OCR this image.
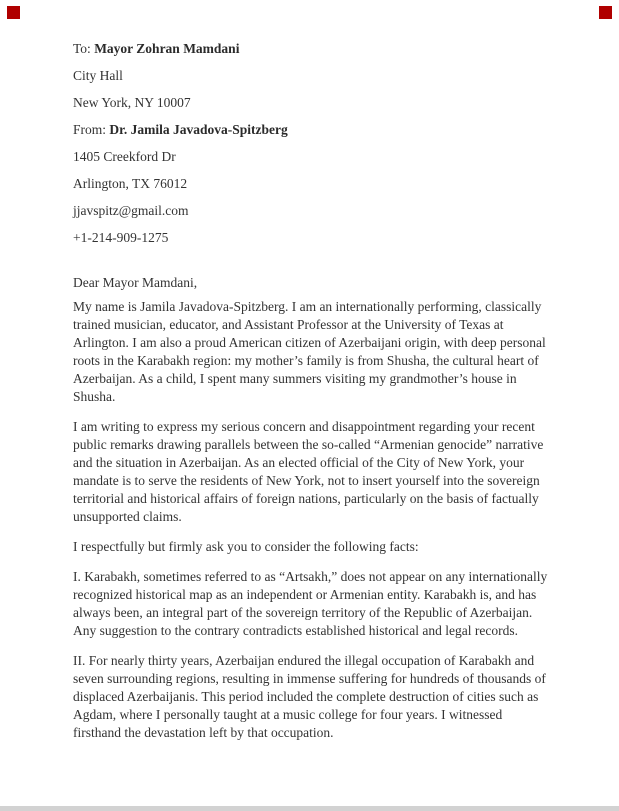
To: Mayor Zohran Mamdani

City Hall

New York, NY 10007

From: Dr. Jamila Javadova-Spitzberg

1405 Creekford Dr

Arlington, TX 76012

jjavspitz@gmail.com

+1-214-909-1275

Dear Mayor Mamdani,

My name is Jamila Javadova-Spitzberg. I am an internationally performing, classically trained musician, educator, and Assistant Professor at the University of Texas at Arlington. I am also a proud American citizen of Azerbaijani origin, with deep personal roots in the Karabakh region: my mother’s family is from Shusha, the cultural heart of Azerbaijan. As a child, I spent many summers visiting my grandmother’s house in Shusha.

I am writing to express my serious concern and disappointment regarding your recent public remarks drawing parallels between the so-called “Armenian genocide” narrative and the situation in Azerbaijan. As an elected official of the City of New York, your mandate is to serve the residents of New York, not to insert yourself into the sovereign territorial and historical affairs of foreign nations, particularly on the basis of factually unsupported claims.

I respectfully but firmly ask you to consider the following facts:

I. Karabakh, sometimes referred to as “Artsakh,” does not appear on any internationally recognized historical map as an independent or Armenian entity. Karabakh is, and has always been, an integral part of the sovereign territory of the Republic of Azerbaijan. Any suggestion to the contrary contradicts established historical and legal records.

II. For nearly thirty years, Azerbaijan endured the illegal occupation of Karabakh and seven surrounding regions, resulting in immense suffering for hundreds of thousands of displaced Azerbaijanis. This period included the complete destruction of cities such as Agdam, where I personally taught at a music college for four years. I witnessed firsthand the devastation left by that occupation.
